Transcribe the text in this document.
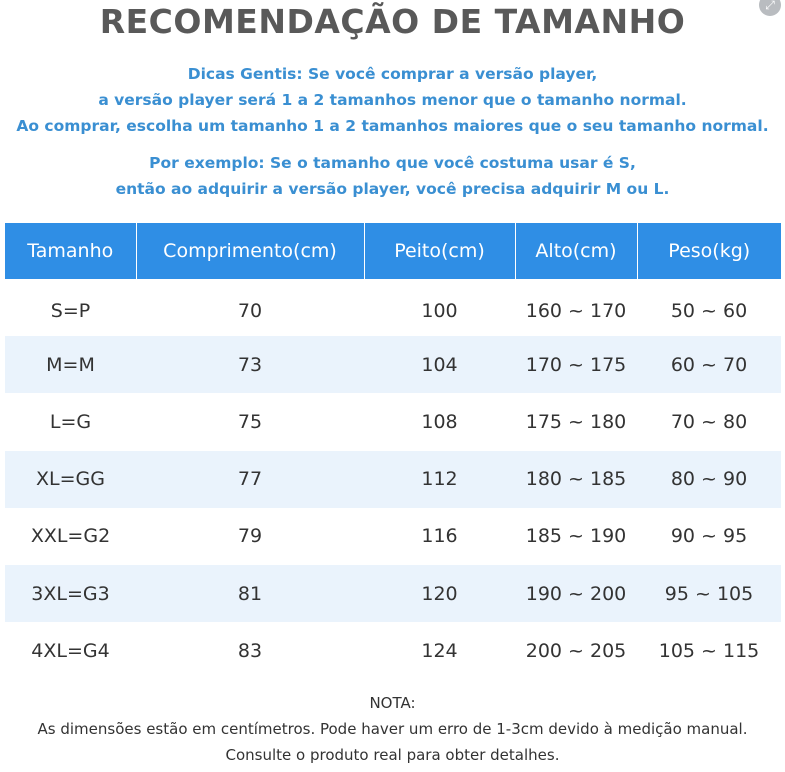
RECOMENDAÇÃO DE TAMANHO	⤢
Dicas Gentis: Se você comprar a versão player,
a versão player será 1 a 2 tamanhos menor que o tamanho normal.
Ao comprar, escolha um tamanho 1 a 2 tamanhos maiores que o seu tamanho normal.
Por exemplo: Se o tamanho que você costuma usar é S,
então ao adquirir a versão player, você precisa adquirir M ou L.
Tamanho	Comprimento(cm)	Peito(cm)	Alto(cm)	Peso(kg)
S=P	70	100	160 ~ 170	50 ~ 60
M=M	73	104	170 ~ 175	60 ~ 70
L=G	75	108	175 ~ 180	70 ~ 80
XL=GG	77	112	180 ~ 185	80 ~ 90
XXL=G2	79	116	185 ~ 190	90 ~ 95
3XL=G3	81	120	190 ~ 200	95 ~ 105
4XL=G4	83	124	200 ~ 205	105 ~ 115
NOTA:
As dimensões estão em centímetros. Pode haver um erro de 1-3cm devido à medição manual.
Consulte o produto real para obter detalhes.
